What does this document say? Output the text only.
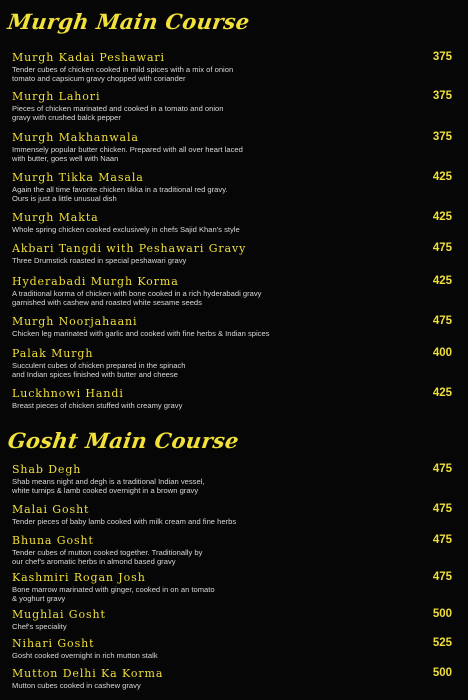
Murgh Main Course
Murgh Kadai Peshawari
Tender cubes of chicken cooked in mild spices with a mix of onion
tomato and capsicum gravy chopped with coriander
375
Murgh Lahori
Pieces of chicken marinated and cooked in a tomato and onion
gravy with crushed balck pepper
375
Murgh Makhanwala
Immensely popular butter chicken. Prepared with all over heart laced
with butter, goes well with Naan
375
Murgh Tikka Masala
Again the all time favorite chicken tikka in a traditional red gravy.
Ours is just a little unusual dish
425
Murgh Makta
Whole spring chicken cooked exclusively in chefs Sajid Khan's style
425
Akbari Tangdi with Peshawari Gravy
Three Drumstick roasted in special peshawari gravy
475
Hyderabadi Murgh Korma
A traditional korma of chicken with bone cooked in a rich hyderabadi gravy
garnished with cashew and roasted white sesame seeds
425
Murgh Noorjahaani
Chicken leg marinated with garlic and cooked with fine herbs & Indian spices
475
Palak Murgh
Succulent cubes of chicken prepared in the spinach
and Indian spices finished with butter and cheese
400
Luckhnowi Handi
Breast pieces of chicken stuffed with creamy gravy
425
Gosht Main Course
Shab Degh
Shab means night and degh is a traditional Indian vessel,
white turnips & lamb cooked overnight in a brown gravy
475
Malai Gosht
Tender pieces of baby lamb cooked with milk cream and fine herbs
475
Bhuna Gosht
Tender cubes of mutton cooked together. Traditionally by
our chef's aromatic herbs in almond based gravy
475
Kashmiri Rogan Josh
Bone marrow marinated with ginger, cooked in on an tomato
& yoghurt gravy
475
Mughlai Gosht
Chef's speciality
500
Nihari Gosht
Gosht cooked overnight in rich mutton stalk
525
Mutton Delhi Ka Korma
Mutton cubes cooked in cashew gravy
500
